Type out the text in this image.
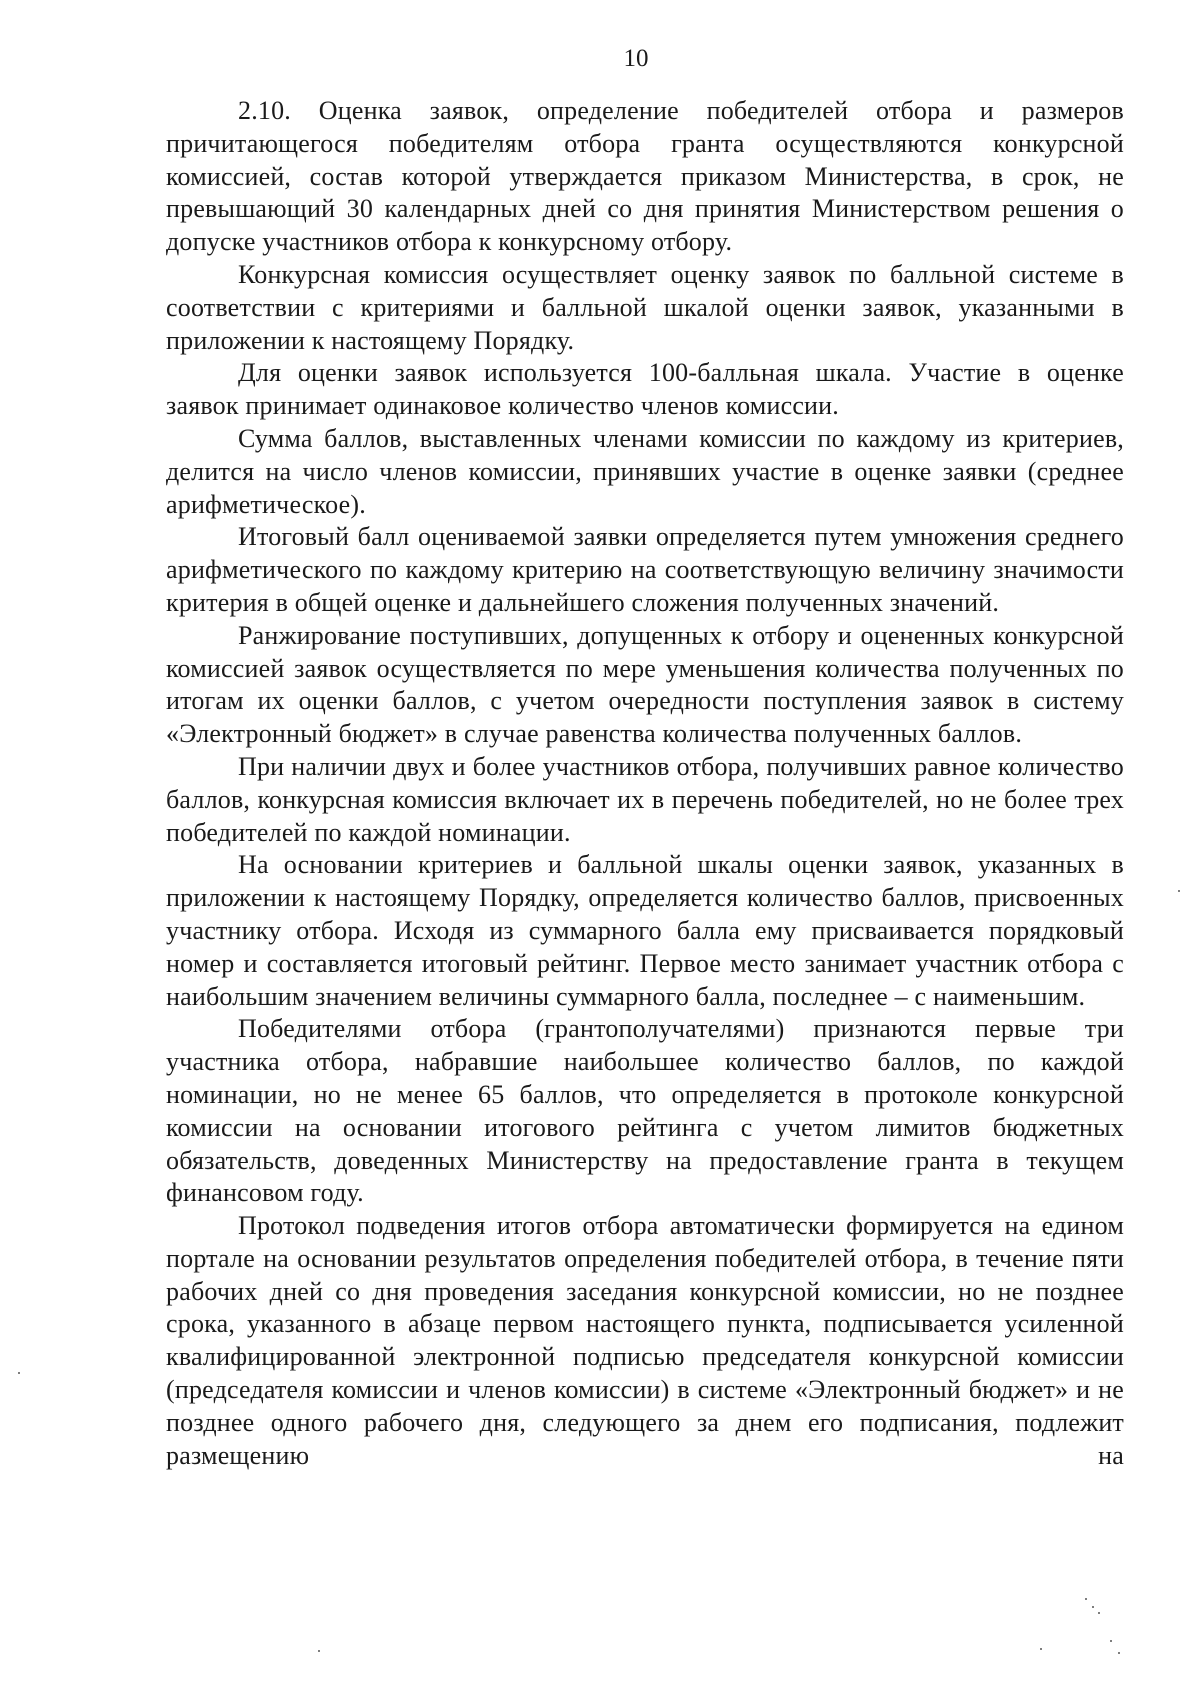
10

2.10. Оценка заявок, определение победителей отбора и размеров причитающегося победителям отбора гранта осуществляются конкурсной комиссией, состав которой утверждается приказом Министерства, в срок, не превышающий 30 календарных дней со дня принятия Министерством решения о допуске участников отбора к конкурсному отбору.

Конкурсная комиссия осуществляет оценку заявок по балльной системе в соответствии с критериями и балльной шкалой оценки заявок, указанными в приложении к настоящему Порядку.

Для оценки заявок используется 100-балльная шкала. Участие в оценке заявок принимает одинаковое количество членов комиссии.

Сумма баллов, выставленных членами комиссии по каждому из критериев, делится на число членов комиссии, принявших участие в оценке заявки (среднее арифметическое).

Итоговый балл оцениваемой заявки определяется путем умножения среднего арифметического по каждому критерию на соответствующую величину значимости критерия в общей оценке и дальнейшего сложения полученных значений.

Ранжирование поступивших, допущенных к отбору и оцененных конкурсной комиссией заявок осуществляется по мере уменьшения количества полученных по итогам их оценки баллов, с учетом очередности поступления заявок в систему «Электронный бюджет» в случае равенства количества полученных баллов.

При наличии двух и более участников отбора, получивших равное количество баллов, конкурсная комиссия включает их в перечень победителей, но не более трех победителей по каждой номинации.

На основании критериев и балльной шкалы оценки заявок, указанных в приложении к настоящему Порядку, определяется количество баллов, присвоенных участнику отбора. Исходя из суммарного балла ему присваивается порядковый номер и составляется итоговый рейтинг. Первое место занимает участник отбора с наибольшим значением величины суммарного балла, последнее – с наименьшим.

Победителями отбора (грантополучателями) признаются первые три участника отбора, набравшие наибольшее количество баллов, по каждой номинации, но не менее 65 баллов, что определяется в протоколе конкурсной комиссии на основании итогового рейтинга с учетом лимитов бюджетных обязательств, доведенных Министерству на предоставление гранта в текущем финансовом году.

Протокол подведения итогов отбора автоматически формируется на едином портале на основании результатов определения победителей отбора, в течение пяти рабочих дней со дня проведения заседания конкурсной комиссии, но не позднее срока, указанного в абзаце первом настоящего пункта, подписывается усиленной квалифицированной электронной подписью председателя конкурсной комиссии (председателя комиссии и членов комиссии) в системе «Электронный бюджет» и не позднее одного рабочего дня, следующего за днем его подписания, подлежит размещению на
